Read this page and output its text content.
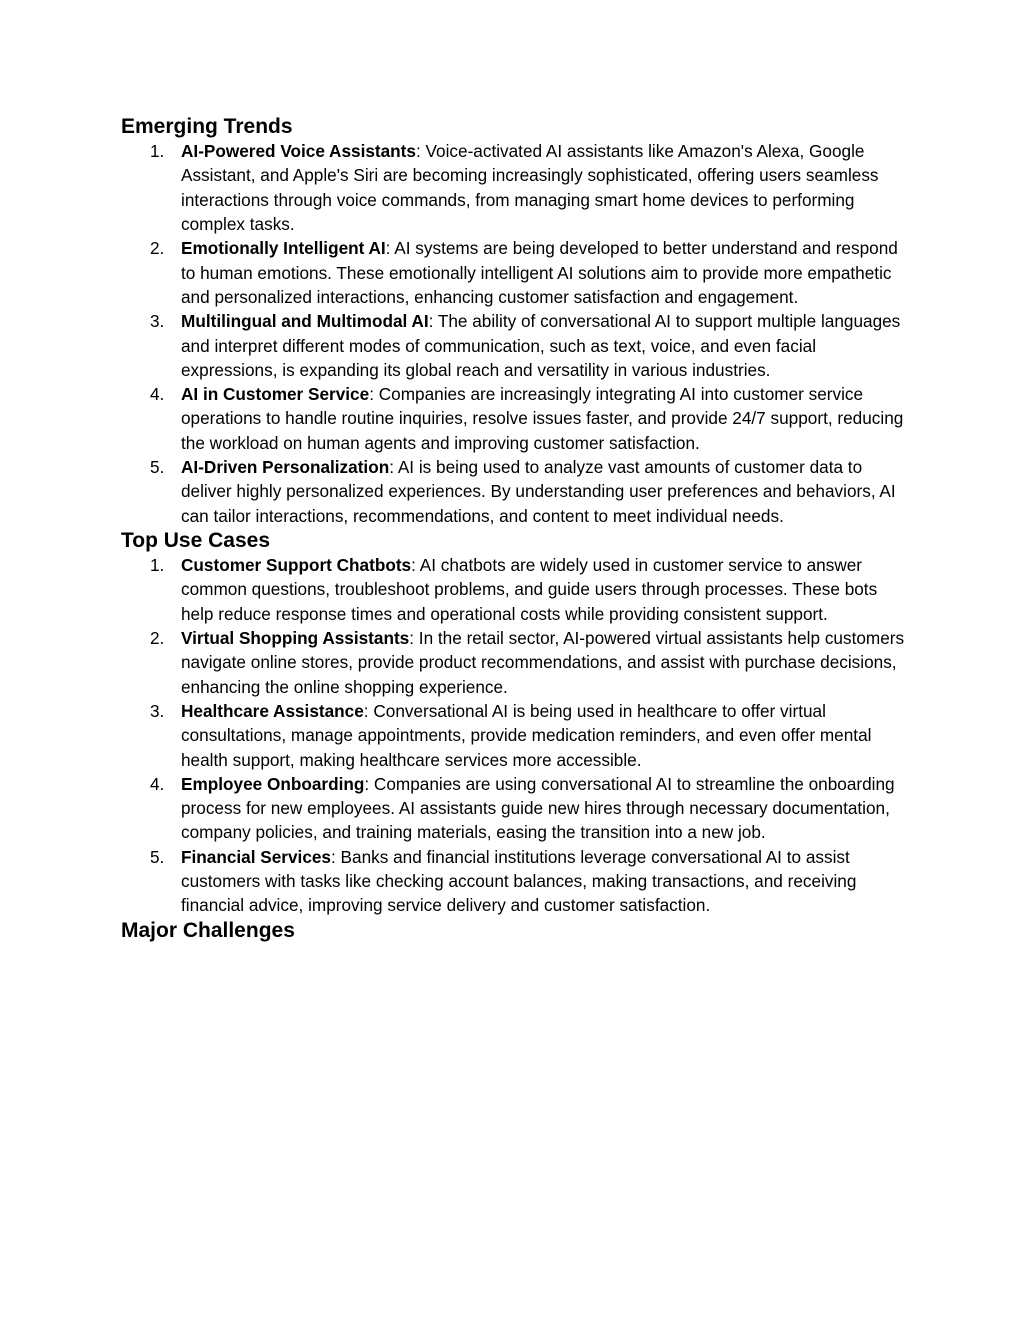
Emerging Trends
1. AI-Powered Voice Assistants: Voice-activated AI assistants like Amazon's Alexa, Google Assistant, and Apple's Siri are becoming increasingly sophisticated, offering users seamless interactions through voice commands, from managing smart home devices to performing complex tasks.
2. Emotionally Intelligent AI: AI systems are being developed to better understand and respond to human emotions. These emotionally intelligent AI solutions aim to provide more empathetic and personalized interactions, enhancing customer satisfaction and engagement.
3. Multilingual and Multimodal AI: The ability of conversational AI to support multiple languages and interpret different modes of communication, such as text, voice, and even facial expressions, is expanding its global reach and versatility in various industries.
4. AI in Customer Service: Companies are increasingly integrating AI into customer service operations to handle routine inquiries, resolve issues faster, and provide 24/7 support, reducing the workload on human agents and improving customer satisfaction.
5. AI-Driven Personalization: AI is being used to analyze vast amounts of customer data to deliver highly personalized experiences. By understanding user preferences and behaviors, AI can tailor interactions, recommendations, and content to meet individual needs.
Top Use Cases
1. Customer Support Chatbots: AI chatbots are widely used in customer service to answer common questions, troubleshoot problems, and guide users through processes. These bots help reduce response times and operational costs while providing consistent support.
2. Virtual Shopping Assistants: In the retail sector, AI-powered virtual assistants help customers navigate online stores, provide product recommendations, and assist with purchase decisions, enhancing the online shopping experience.
3. Healthcare Assistance: Conversational AI is being used in healthcare to offer virtual consultations, manage appointments, provide medication reminders, and even offer mental health support, making healthcare services more accessible.
4. Employee Onboarding: Companies are using conversational AI to streamline the onboarding process for new employees. AI assistants guide new hires through necessary documentation, company policies, and training materials, easing the transition into a new job.
5. Financial Services: Banks and financial institutions leverage conversational AI to assist customers with tasks like checking account balances, making transactions, and receiving financial advice, improving service delivery and customer satisfaction.
Major Challenges
